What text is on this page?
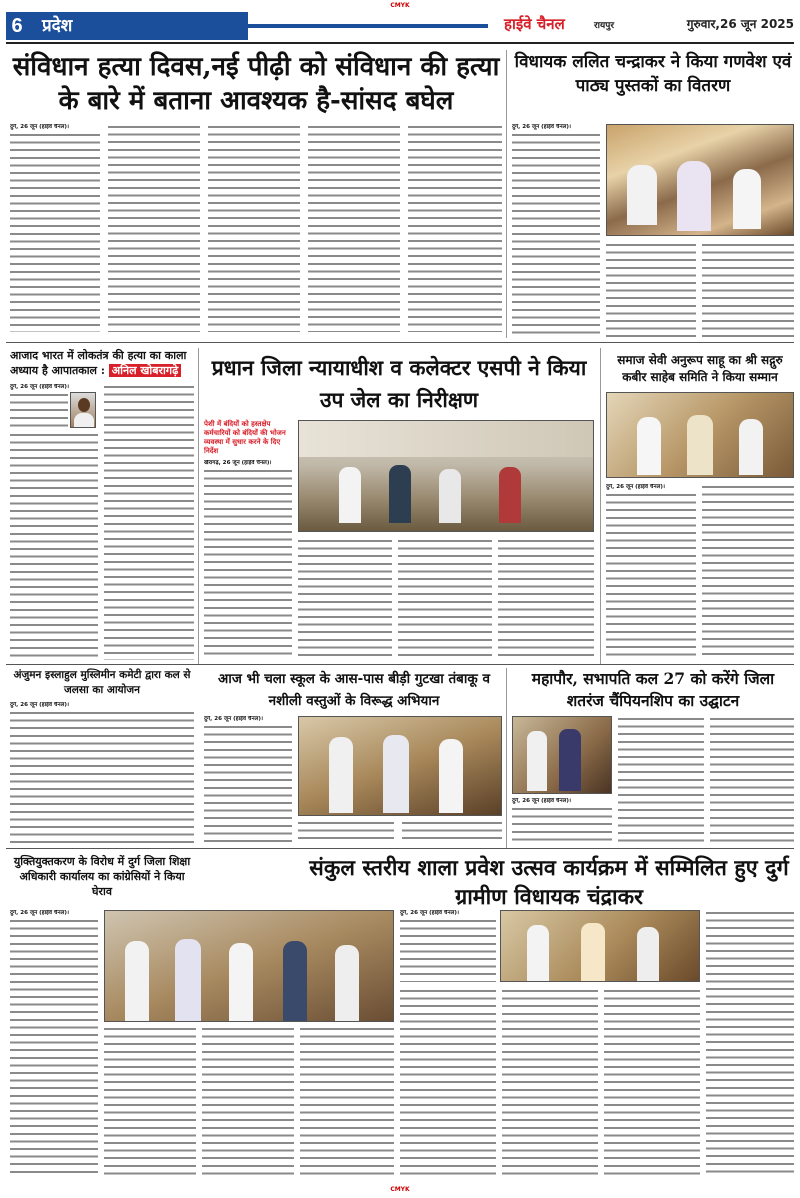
CMYK
6	प्रदेश	हाईवे चैनल	रायपुर	गुरुवार,26 जून 2025
संविधान हत्या दिवस,नई पीढ़ी को संविधान की हत्या के बारे में बताना आवश्यक है-सांसद बघेल
विधायक ललित चन्द्राकर ने किया गणवेश एवं पाठ्य पुस्तकों का वितरण
दुर्ग, 26 जून (हाईवे चैनल)।	दुर्ग, 26 जून (हाईवे चैनल)।
आजाद भारत में लोकतंत्र की हत्या का काला अध्याय है आपातकाल : अनिल खोबरागढ़े
दुर्ग, 26 जून (हाईवे चैनल)।
प्रधान जिला न्यायाधीश व कलेक्टर एसपी ने किया उप जेल का निरीक्षण
पेशी में बंदियों को हस्तक्षेप कर्मचारियों को बंदियों की भोजन व्यवस्था में सुधार करने के दिए निर्देश
खैरागढ़, 26 जून (हाईवे चैनल)।
समाज सेवी अनुरूप साहू का श्री सद्गुरु कबीर साहेब समिति ने किया सम्मान
दुर्ग, 26 जून (हाईवे चैनल)।
आज भी चला स्कूल के आस-पास बीड़ी गुटखा तंबाकू व नशीली वस्तुओं के विरूद्ध अभियान
दुर्ग, 26 जून (हाईवे चैनल)।
महापौर, सभापति कल 27 को करेंगे जिला शतरंज चैंपियनशिप का उद्घाटन
दुर्ग, 26 जून (हाईवे चैनल)।
अंजुमन इस्लाहुल मुस्लिमीन कमेटी द्वारा कल से जलसा का आयोजन
दुर्ग, 26 जून (हाईवे चैनल)।
युक्तियुक्तकरण के विरोध में दुर्ग जिला शिक्षा अधिकारी कार्यालय का कांग्रेसियों ने किया घेराव
दुर्ग, 26 जून (हाईवे चैनल)।
संकुल स्तरीय शाला प्रवेश उत्सव कार्यक्रम में सम्मिलित हुए दुर्ग ग्रामीण विधायक चंद्राकर
दुर्ग, 26 जून (हाईवे चैनल)।
CMYK
